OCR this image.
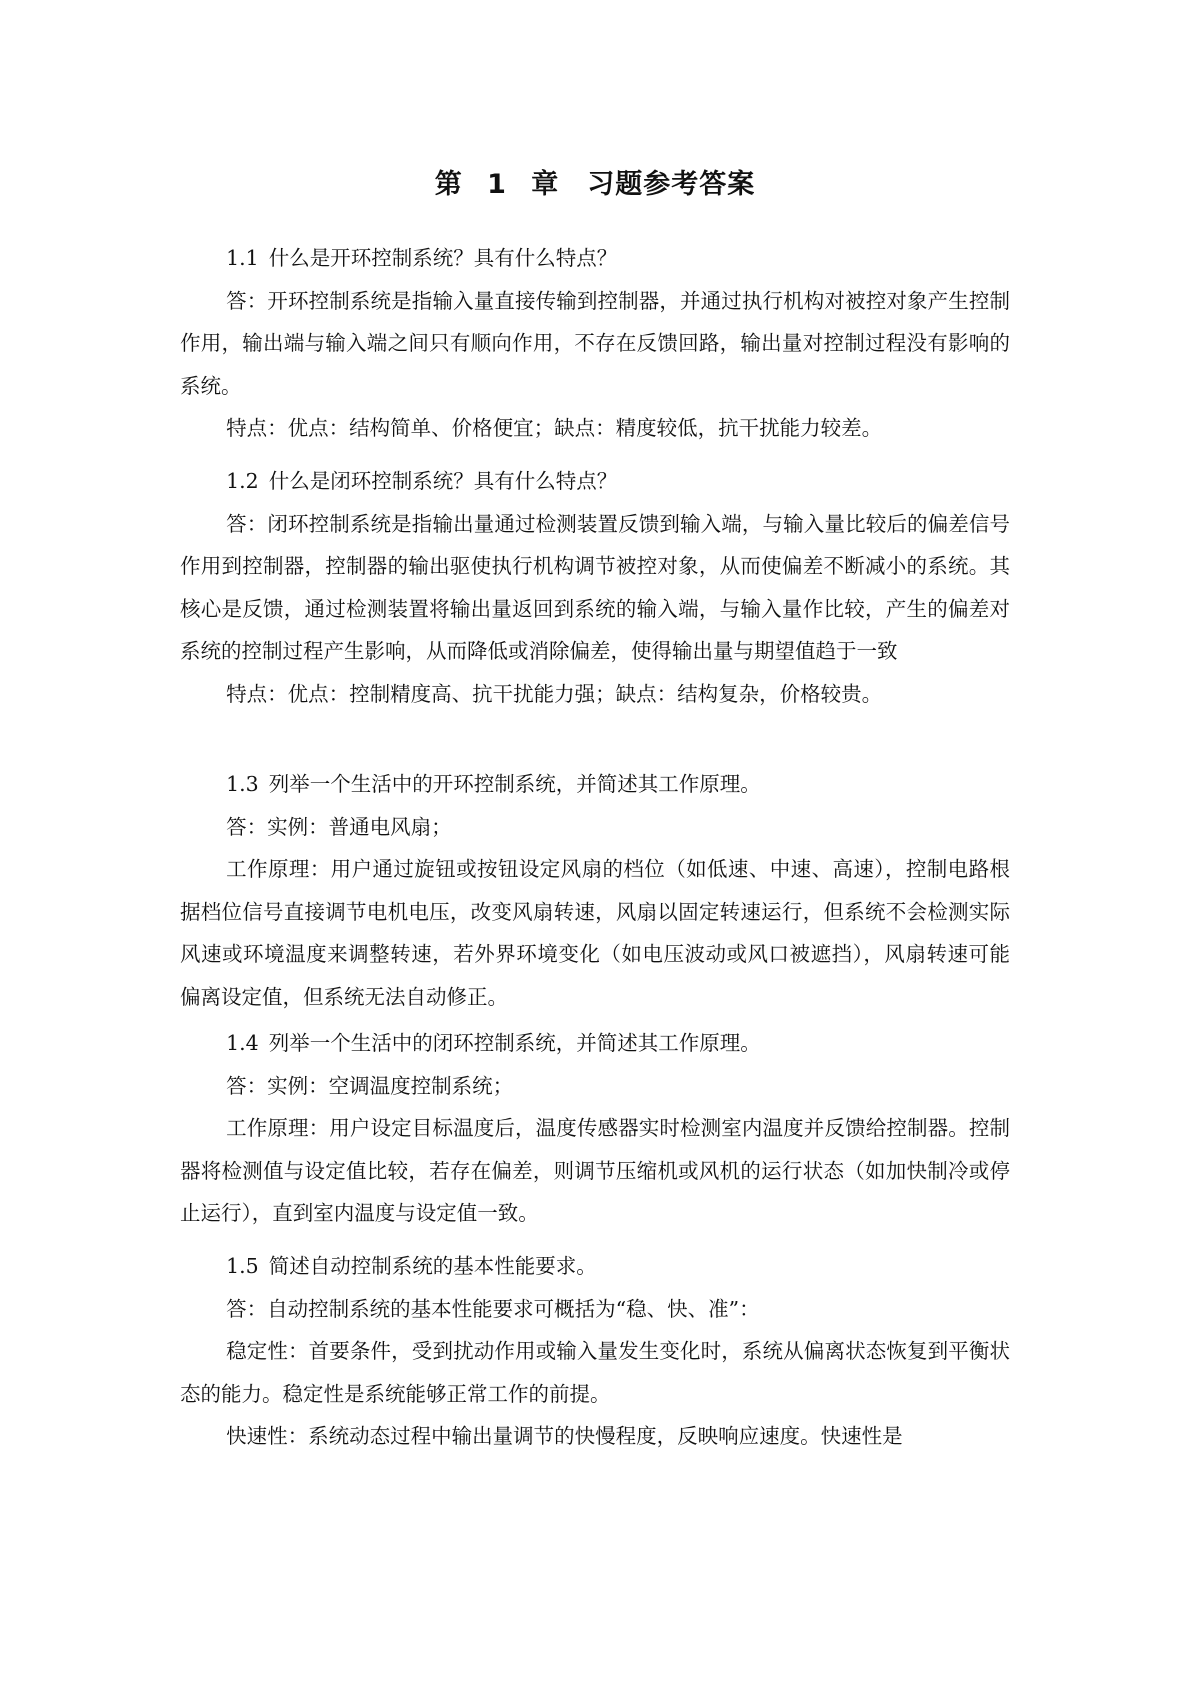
第 1 章　习题参考答案

1.1 什么是开环控制系统？具有什么特点？

答：开环控制系统是指输入量直接传输到控制器，并通过执行机构对被控对象产生控制作用，输出端与输入端之间只有顺向作用，不存在反馈回路，输出量对控制过程没有影响的系统。

特点：优点：结构简单、价格便宜；缺点：精度较低，抗干扰能力较差。

1.2 什么是闭环控制系统？具有什么特点？

答：闭环控制系统是指输出量通过检测装置反馈到输入端，与输入量比较后的偏差信号作用到控制器，控制器的输出驱使执行机构调节被控对象，从而使偏差不断减小的系统。其核心是反馈，通过检测装置将输出量返回到系统的输入端，与输入量作比较，产生的偏差对系统的控制过程产生影响，从而降低或消除偏差，使得输出量与期望值趋于一致

特点：优点：控制精度高、抗干扰能力强；缺点：结构复杂，价格较贵。

1.3 列举一个生活中的开环控制系统，并简述其工作原理。

答：实例：普通电风扇；

工作原理：用户通过旋钮或按钮设定风扇的档位（如低速、中速、高速），控制电路根据档位信号直接调节电机电压，改变风扇转速，风扇以固定转速运行，但系统不会检测实际风速或环境温度来调整转速，若外界环境变化（如电压波动或风口被遮挡），风扇转速可能偏离设定值，但系统无法自动修正。

1.4 列举一个生活中的闭环控制系统，并简述其工作原理。

答：实例：空调温度控制系统；

工作原理：用户设定目标温度后，温度传感器实时检测室内温度并反馈给控制器。控制器将检测值与设定值比较，若存在偏差，则调节压缩机或风机的运行状态（如加快制冷或停止运行），直到室内温度与设定值一致。

1.5 简述自动控制系统的基本性能要求。

答：自动控制系统的基本性能要求可概括为“稳、快、准”：

稳定性：首要条件，受到扰动作用或输入量发生变化时，系统从偏离状态恢复到平衡状态的能力。稳定性是系统能够正常工作的前提。

快速性：系统动态过程中输出量调节的快慢程度，反映响应速度。快速性是
